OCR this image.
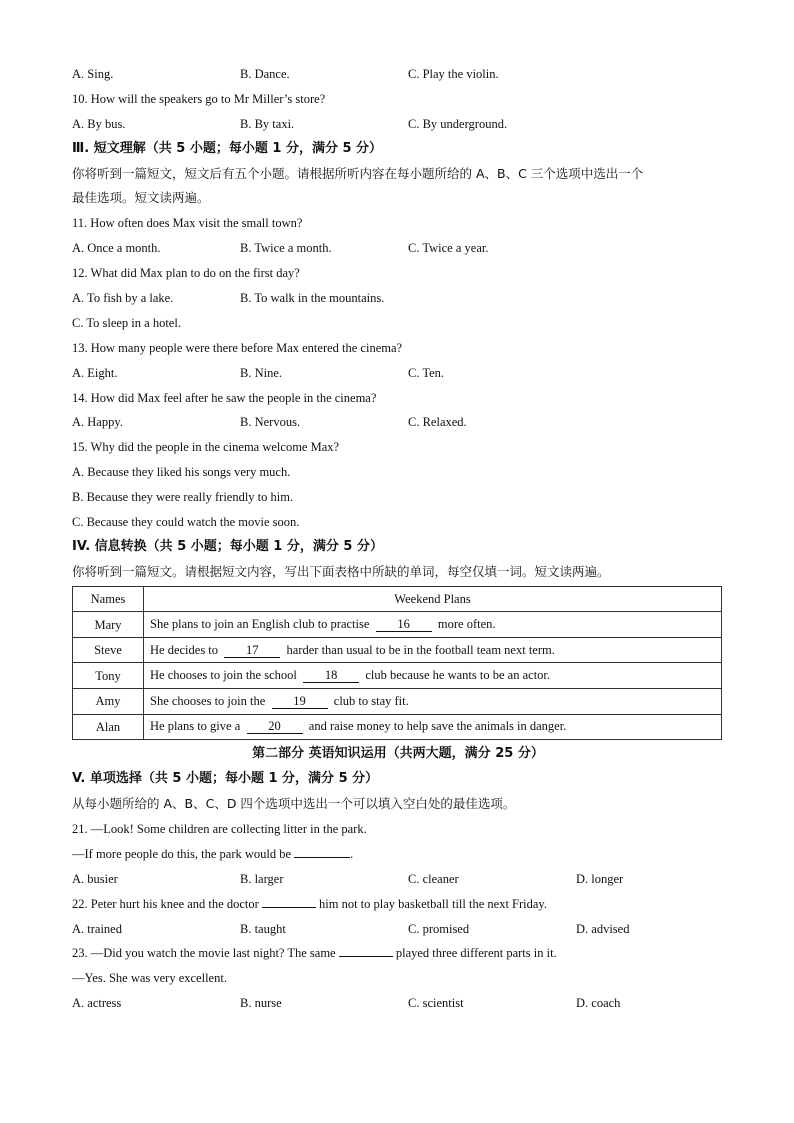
A. Sing.	B. Dance.	C. Play the violin.
10. How will the speakers go to Mr Miller’s store?
A. By bus.	B. By taxi.	C. By underground.
Ⅲ. 短文理解（共 5 小题；每小题 1 分，满分 5 分）
你将听到一篇短文，短文后有五个小题。请根据所听内容在每小题所给的 A、B、C 三个选项中选出一个
最佳选项。短文读两遍。
11. How often does Max visit the small town?
A. Once a month.	B. Twice a month.	C. Twice a year.
12. What did Max plan to do on the first day?
A. To fish by a lake.	B. To walk in the mountains.
C. To sleep in a hotel.
13. How many people were there before Max entered the cinema?
A. Eight.	B. Nine.	C. Ten.
14. How did Max feel after he saw the people in the cinema?
A. Happy.	B. Nervous.	C. Relaxed.
15. Why did the people in the cinema welcome Max?
A. Because they liked his songs very much.
B. Because they were really friendly to him.
C. Because they could watch the movie soon.
IV. 信息转换（共 5 小题；每小题 1 分，满分 5 分）
你将听到一篇短文。请根据短文内容，写出下面表格中所缺的单词，每空仅填一词。短文读两遍。
Names	Weekend Plans
Mary	She plans to join an English club to practise 16 more often.
Steve	He decides to 17 harder than usual to be in the football team next term.
Tony	He chooses to join the school 18 club because he wants to be an actor.
Amy	She chooses to join the 19 club to stay fit.
Alan	He plans to give a 20 and raise money to help save the animals in danger.
第二部分 英语知识运用（共两大题，满分 25 分）
V. 单项选择（共 5 小题；每小题 1 分，满分 5 分）
从每小题所给的 A、B、C、D 四个选项中选出一个可以填入空白处的最佳选项。
21. —Look! Some children are collecting litter in the park.
—If more people do this, the park would be	.
A. busier	B. larger	C. cleaner	D. longer
22. Peter hurt his knee and the doctor	him not to play basketball till the next Friday.
A. trained	B. taught	C. promised	D. advised
23. —Did you watch the movie last night? The same	played three different parts in it.
—Yes. She was very excellent.
A. actress	B. nurse	C. scientist	D. coach
